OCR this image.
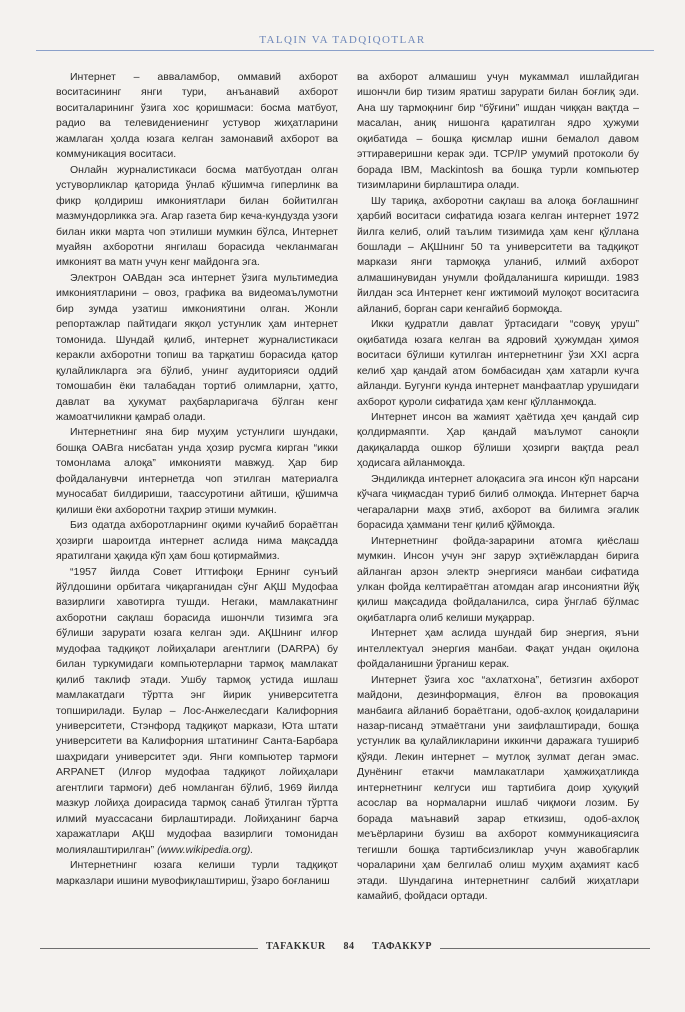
TALQIN VA TADQIQOTLAR

Интернет – авваламбор, оммавий ахборот воситасининг янги тури, анъанавий ахборот воситаларининг ўзига хос қоришмаси: босма матбуот, радио ва телевидениенинг устувор жиҳатларини жамлаган ҳолда юзага келган замонавий ахборот ва коммуникация воситаси.

Онлайн журналистикаси босма матбуотдан олган устуворликлар қаторида ўнлаб кўшимча гиперлинк ва фикр қолдириш имкониятлари билан бойитилган мазмундорликка эга. Агар газета бир кеча-кундузда узоғи билан икки марта чоп этилиши мумкин бўлса, Интернет муайян ахборотни янгилаш борасида чекланмаган имконият ва матн учун кенг майдонга эга.

Электрон ОАВдан эса интернет ўзига мультимедиа имкониятларини – овоз, графика ва видеомаълумотни бир зумда узатиш имкониятини олган. Жонли репортажлар пайтидаги якқол устунлик ҳам интернет томонида. Шундай қилиб, интернет журналистикаси керакли ахборотни топиш ва тарқатиш борасида қатор қулайликларга эга бўлиб, унинг аудиторияси оддий томошабин ёки талабадан тортиб олимларни, ҳатто, давлат ва ҳукумат раҳбарларигача бўлган кенг жамоатчиликни қамраб олади.

Интернетнинг яна бир муҳим устунлиги шундаки, бошқа ОАВга нисбатан унда ҳозир русмга кирган “икки томонлама алоқа” имконияти мавжуд. Ҳар бир фойдаланувчи интернетда чоп этилган материалга муносабат билдириши, таассуротини айтиши, қўшимча қилиши ёки ахборотни таҳрир этиши мумкин.

Биз одатда ахборотларнинг оқими кучайиб бораётган ҳозирги шароитда интернет аслида нима мақсадда яратилгани ҳақида кўп ҳам бош қотирмаймиз.

“1957 йилда Совет Иттифоқи Ернинг сунъий йўлдошини орбитага чиқарганидан сўнг АҚШ Мудофаа вазирлиги хавотирга тушди. Негаки, мамлакатнинг ахборотни сақлаш борасида ишончли тизимга эга бўлиши зарурати юзага келган эди. АҚШнинг илғор мудофаа тадқиқот лойиҳалари агентлиги (DARPA) бу билан туркумидаги компьютерларни тармоқ мамлакат қилиб таклиф этади. Ушбу тармоқ устида ишлаш мамлакатдаги тўртта энг йирик университетга топширилади. Булар – Лос-Анжелесдаги Калифорния университети, Стэнфорд тадқиқот маркази, Юта штати университети ва Калифорния штатининг Санта-Барбара шаҳридаги университет эди. Янги компьютер тармоғи ARPANET (Илғор мудофаа тадқиқот лойиҳалари агентлиги тармоғи) деб номланган бўлиб, 1969 йилда мазкур лойиҳа доирасида тармоқ санаб ўтилган тўртта илмий муассасани бирлаштиради. Лойиҳанинг барча харажатлари АҚШ мудофаа вазирлиги томонидан молиялаштирилган” (www.wikipedia.org).

Интернетнинг юзага келиши турли тадқиқот марказлари ишини мувофиқлаштириш, ўзаро боғланиш

ва ахборот алмашиш учун мукаммал ишлайдиган ишончли бир тизим яратиш зарурати билан боғлиқ эди. Ана шу тармоқнинг бир “бўғини” ишдан чиққан вақтда – масалан, аниқ нишонга қаратилган ядро ҳужуми оқибатида – бошқа қисмлар ишни бемалол давом эттираверишни керак эди. TCP/IP умумий протоколи бу борада IBM, Mackintosh ва бошқа турли компьютер тизимларини бирлаштира олади.

Шу тариқа, ахборотни сақлаш ва алоқа боғлашнинг ҳарбий воситаси сифатида юзага келган интернет 1972 йилга келиб, олий таълим тизимида ҳам кенг қўллана бошлади – АҚШнинг 50 та университети ва тадқиқот маркази янги тармоққа уланиб, илмий ахборот алмашинувидан унумли фойдаланишга киришди. 1983 йилдан эса Интернет кенг ижтимоий мулоқот воситасига айланиб, борган сари кенгайиб бормоқда.

Икки қудратли давлат ўртасидаги “совуқ уруш” оқибатида юзага келган ва ядровий ҳужумдан ҳимоя воситаси бўлиши кутилган интернетнинг ўзи XXI асрга келиб ҳар қандай атом бомбасидан ҳам хатарли кучга айланди. Бугунги кунда интернет манфаатлар урушидаги ахборот қуроли сифатида ҳам кенг қўлланмоқда.

Интернет инсон ва жамият ҳаётида ҳеч қандай сир қолдирмаяпти. Ҳар қандай маълумот саноқли дақиқаларда ошкор бўлиши ҳозирги вақтда реал ҳодисага айланмоқда.

Эндиликда интернет алоқасига эга инсон кўп нарсани кўчага чиқмасдан туриб билиб олмоқда. Интернет барча чегараларни маҳв этиб, ахборот ва билимга эгалик борасида ҳаммани тенг қилиб қўймоқда.

Интернетнинг фойда-зарарини атомга қиёслаш мумкин. Инсон учун энг зарур эҳтиёжлардан бирига айланган арзон электр энергияси манбаи сифатида улкан фойда келтираётган атомдан агар инсониятни йўқ қилиш мақсадида фойдаланилса, сира ўнглаб бўлмас оқибатларга олиб келиши муқаррар.

Интернет ҳам аслида шундай бир энергия, яъни интеллектуал энергия манбаи. Фақат ундан оқилона фойдаланишни ўрганиш керак.

Интернет ўзига хос “ахлатхона”, бетизгин ахборот майдони, дезинформация, ёлғон ва провокация манбаига айланиб бораётгани, одоб-ахлоқ қоидаларини назар-писанд этмаётгани уни заифлаштиради, бошқа устунлик ва қулайликларини иккинчи даражага тушириб қўяди. Лекин интернет – мутлоқ зулмат деган эмас. Дунёнинг етакчи мамлакатлари ҳамжиҳатликда интернетнинг келгуси иш тартибига доир ҳуқуқий асослар ва нормаларни ишлаб чиқмоғи лозим. Бу борада маънавий зарар еткизиш, одоб-ахлоқ меъёрларини бузиш ва ахборот коммуникациясига тегишли бошқа тартибсизликлар учун жавобгарлик чораларини ҳам белгилаб олиш муҳим аҳамият касб этади. Шундагина интернетнинг салбий жиҳатлари камайиб, фойдаси ортади.

TAFAKKUR 84 ТАФАККУР
